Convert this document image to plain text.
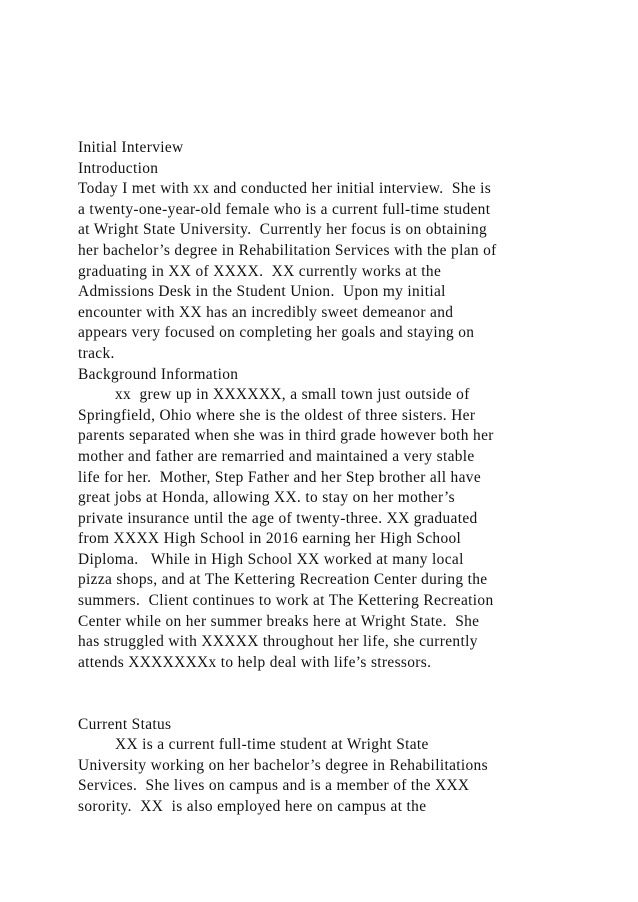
Initial Interview
Introduction
Today I met with xx and conducted her initial interview.  She is
a twenty-one-year-old female who is a current full-time student
at Wright State University.  Currently her focus is on obtaining
her bachelor’s degree in Rehabilitation Services with the plan of
graduating in XX of XXXX.  XX currently works at the
Admissions Desk in the Student Union.  Upon my initial
encounter with XX has an incredibly sweet demeanor and
appears very focused on completing her goals and staying on
track.
Background Information
xx  grew up in XXXXXX, a small town just outside of
Springfield, Ohio where she is the oldest of three sisters. Her
parents separated when she was in third grade however both her
mother and father are remarried and maintained a very stable
life for her.  Mother, Step Father and her Step brother all have
great jobs at Honda, allowing XX. to stay on her mother’s
private insurance until the age of twenty-three. XX graduated
from XXXX High School in 2016 earning her High School
Diploma.   While in High School XX worked at many local
pizza shops, and at The Kettering Recreation Center during the
summers.  Client continues to work at The Kettering Recreation
Center while on her summer breaks here at Wright State.  She
has struggled with XXXXX throughout her life, she currently
attends XXXXXXXx to help deal with life’s stressors.
Current Status
XX is a current full-time student at Wright State
University working on her bachelor’s degree in Rehabilitations
Services.  She lives on campus and is a member of the XXX
sorority.  XX  is also employed here on campus at the
